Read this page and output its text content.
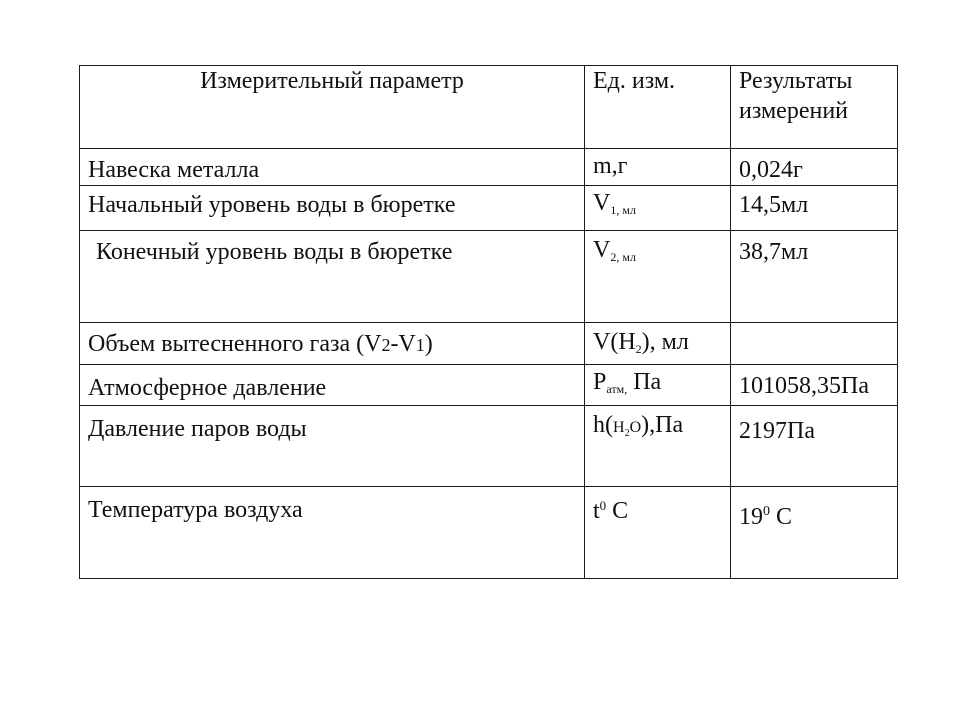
Измерительный параметр	Ед. изм.	Результаты измерений
Навеска металла	m,г	0,024г
Начальный уровень воды в бюретке	$V_{1, мл}$	14,5мл
Конечный уровень воды в бюретке	$V_{2, мл}$	38,7мл
Объем вытесненного газа (V2-V1)	$V(H_2)$, мл	
Атмосферное давление	$P_{атм,}$ Па	101058,35Па
Давление паров воды	$h(H_2O),Па$	2197Па
Температура воздуха	$t^0$ C	$19^0$ С
